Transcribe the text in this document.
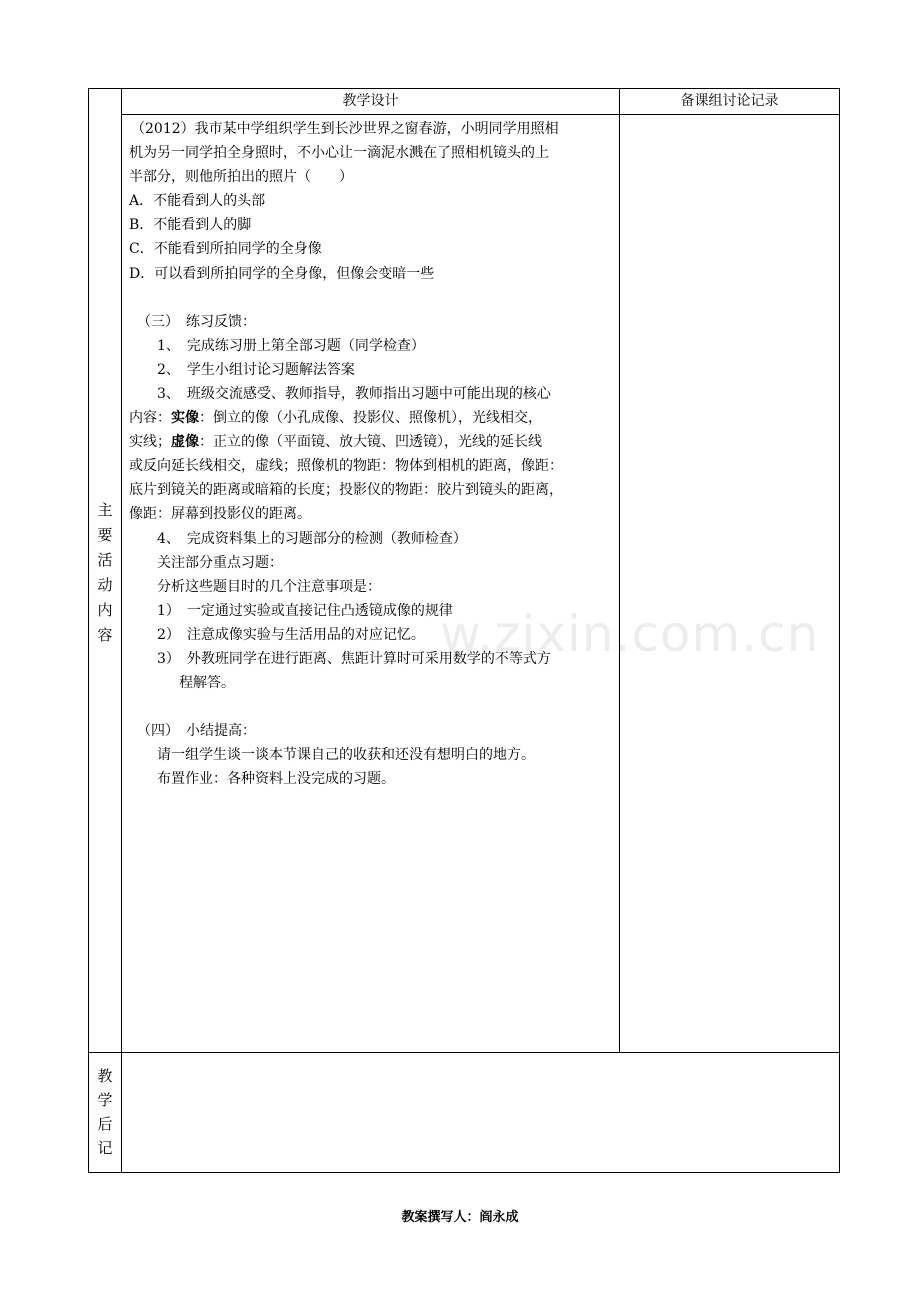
教学设计	备课组讨论记录
主
要
活
动
内
容
教
学
后
记

（2012）我市某中学组织学生到长沙世界之窗春游，小明同学用照相

机为另一同学拍全身照时，不小心让一滴泥水溅在了照相机镜头的上

半部分，则他所拍出的照片（　　）

A．不能看到人的头部

B．不能看到人的脚

C．不能看到所拍同学的全身像

D．可以看到所拍同学的全身像，但像会变暗一些

（三）　练习反馈：

1、　完成练习册上第全部习题（同学检查）

2、　学生小组讨论习题解法答案

3、　班级交流感受、教师指导，教师指出习题中可能出现的核心

内容：实像：倒立的像（小孔成像、投影仪、照像机），光线相交，

实线；虚像：正立的像（平面镜、放大镜、凹透镜），光线的延长线

或反向延长线相交，虚线；照像机的物距：物体到相机的距离，像距：

底片到镜关的距离或暗箱的长度；投影仪的物距：胶片到镜头的距离，

像距：屏幕到投影仪的距离。

4、　完成资料集上的习题部分的检测（教师检查）

关注部分重点习题：

分析这些题目时的几个注意事项是：

1）　一定通过实验或直接记住凸透镜成像的规律

2）　注意成像实验与生活用品的对应记忆。

3）　外教班同学在进行距离、焦距计算时可采用数学的不等式方

程解答。

（四）　小结提高：

请一组学生谈一谈本节课自己的收获和还没有想明白的地方。

布置作业：各种资料上没完成的习题。

w.zixin.com.cn
教案撰写人：阎永成
